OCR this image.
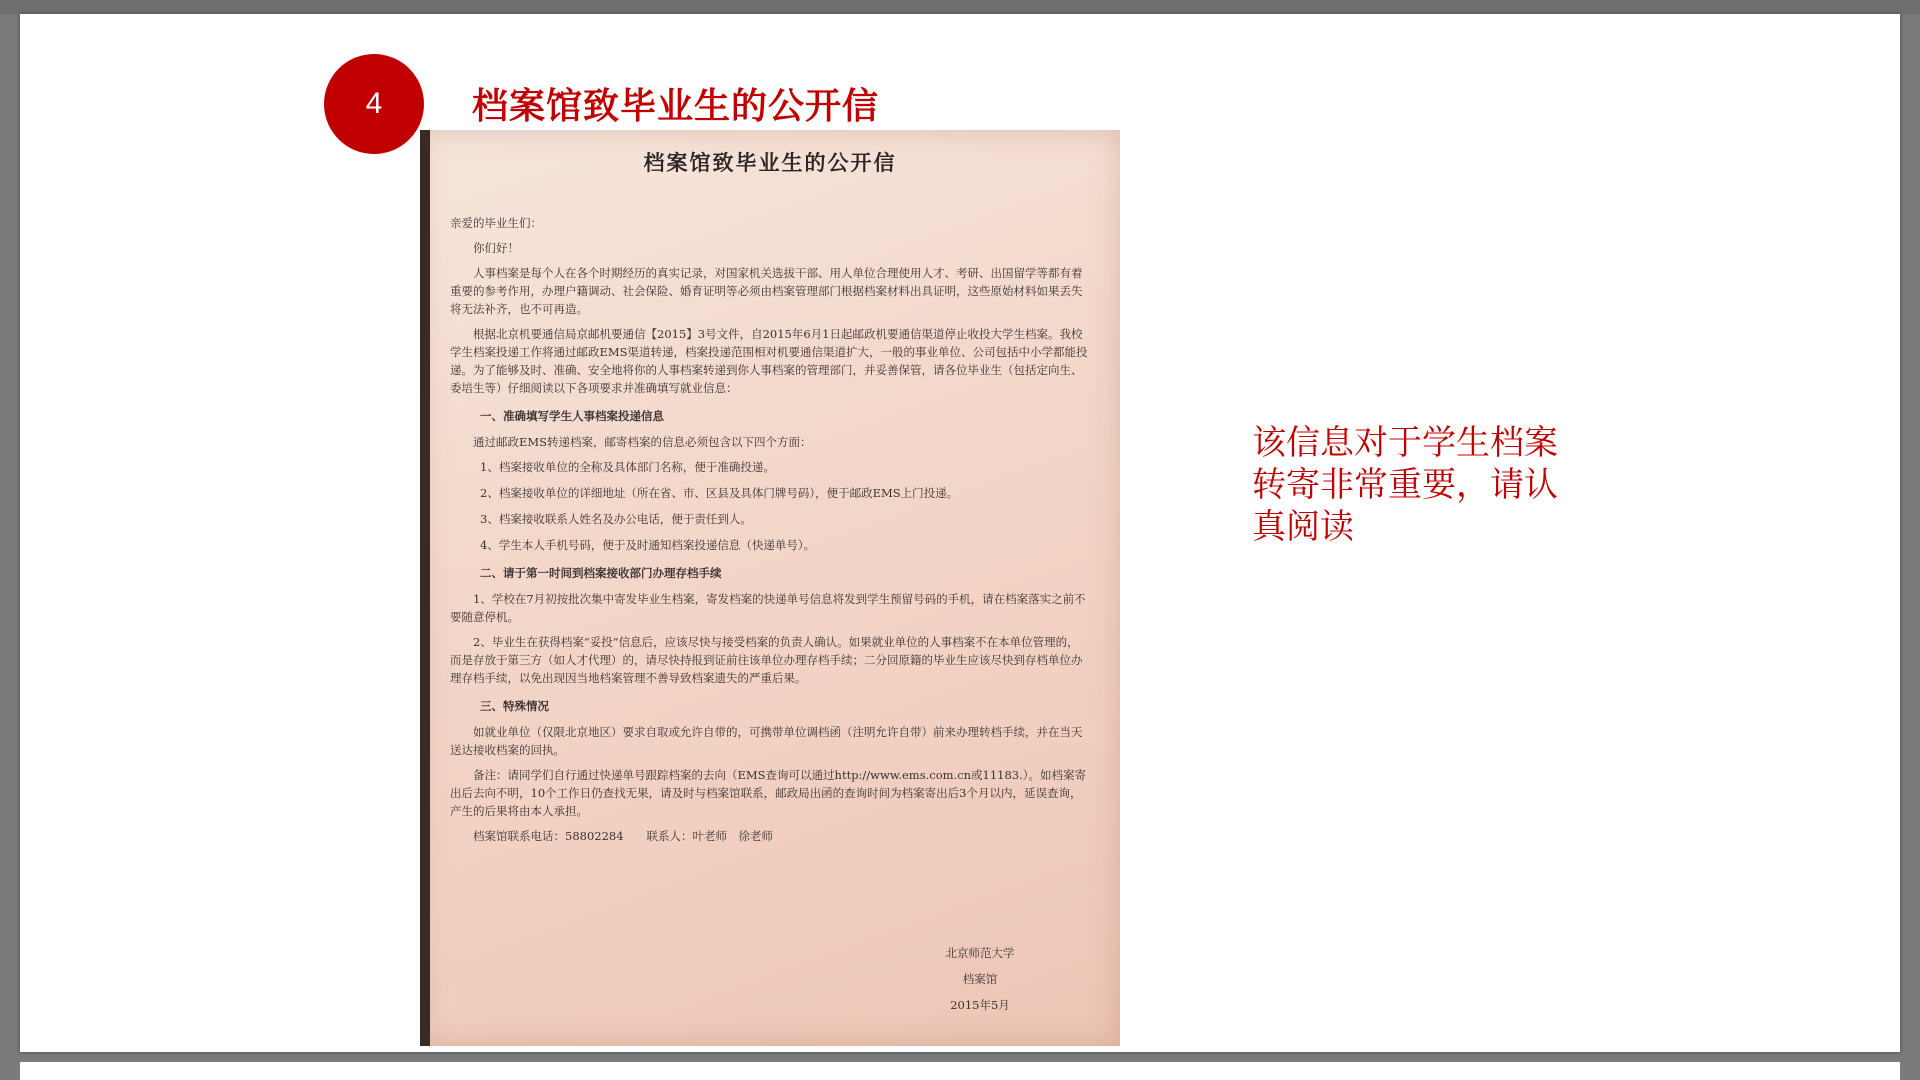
4 档案馆致毕业生的公开信
档案馆致毕业生的公开信

亲爱的毕业生们：

你们好！

人事档案是每个人在各个时期经历的真实记录，对国家机关选拔干部、用人单位合理使用人才、考研、出国留学等都有着重要的参考作用，办理户籍调动、社会保险、婚育证明等必须由档案管理部门根据档案材料出具证明，这些原始材料如果丢失将无法补齐，也不可再造。

根据北京机要通信局京邮机要通信【2015】3号文件，自2015年6月1日起邮政机要通信渠道停止收投大学生档案。我校学生档案投递工作将通过邮政EMS渠道转递，档案投递范围相对机要通信渠道扩大，一般的事业单位、公司包括中小学都能投递。为了能够及时、准确、安全地将你的人事档案转递到你人事档案的管理部门，并妥善保管，请各位毕业生（包括定向生、委培生等）仔细阅读以下各项要求并准确填写就业信息：

一、准确填写学生人事档案投递信息

通过邮政EMS转递档案，邮寄档案的信息必须包含以下四个方面：

1、档案接收单位的全称及具体部门名称，便于准确投递。
2、档案接收单位的详细地址（所在省、市、区县及具体门牌号码），便于邮政EMS上门投递。
3、档案接收联系人姓名及办公电话，便于责任到人。
4、学生本人手机号码，便于及时通知档案投递信息（快递单号）。
二、请于第一时间到档案接收部门办理存档手续

1、学校在7月初按批次集中寄发毕业生档案，寄发档案的快递单号信息将发到学生预留号码的手机，请在档案落实之前不要随意停机。

2、毕业生在获得档案“妥投”信息后，应该尽快与接受档案的负责人确认。如果就业单位的人事档案不在本单位管理的，而是存放于第三方（如人才代理）的，请尽快持报到证前往该单位办理存档手续；二分回原籍的毕业生应该尽快到存档单位办理存档手续，以免出现因当地档案管理不善导致档案遗失的严重后果。

三、特殊情况

如就业单位（仅限北京地区）要求自取或允许自带的，可携带单位调档函（注明允许自带）前来办理转档手续，并在当天送达接收档案的回执。

备注：请同学们自行通过快递单号跟踪档案的去向（EMS查询可以通过http://www.ems.com.cn或11183.）。如档案寄出后去向不明，10个工作日仍查找无果，请及时与档案馆联系，邮政局出函的查询时间为档案寄出后3个月以内，延误查询，产生的后果将由本人承担。

档案馆联系电话：58802284　　联系人：叶老师　徐老师

北京师范大学
档案馆
2015年5月
该信息对于学生档案转寄非常重要，请认真阅读
